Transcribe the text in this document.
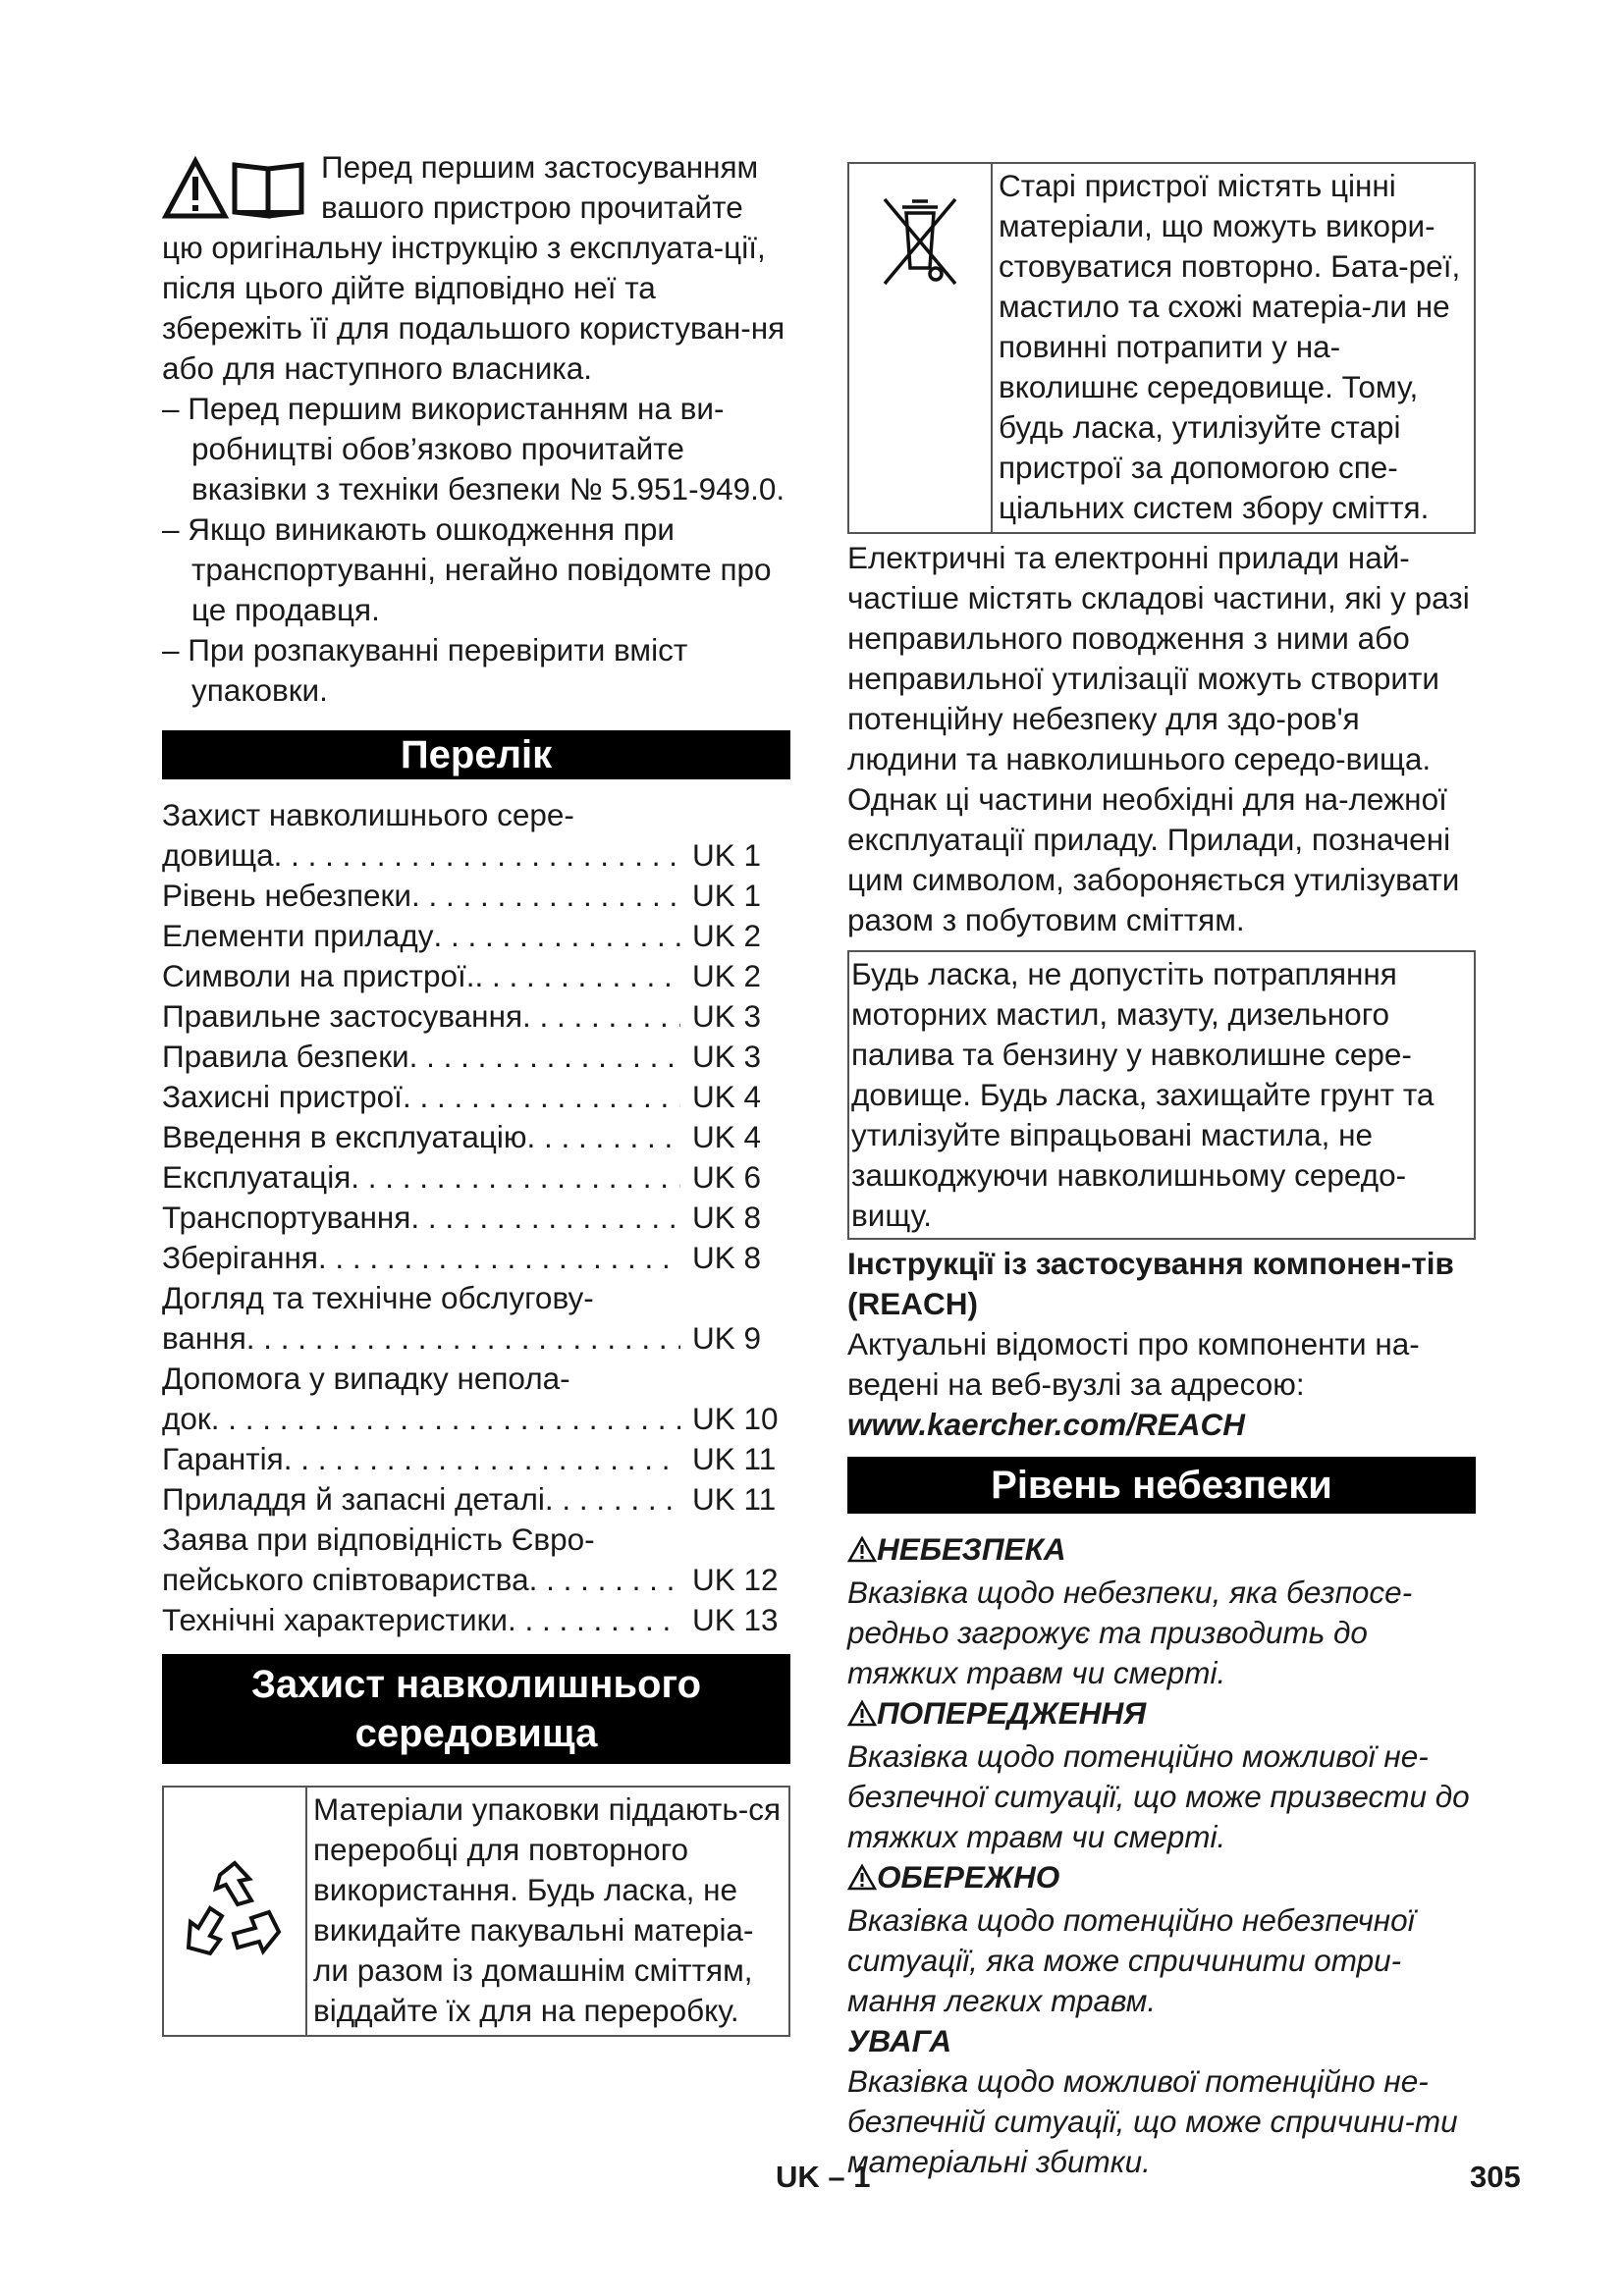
Перед першим застосуванням вашого пристрою прочитайте

цю оригінальну інструкцію з експлуата-ції, після цього дійте відповідно неї та збережіть її для подальшого користуван-ня або для наступного власника.

– Перед першим використанням на ви-робництві обов’язково прочитайте вказівки з техніки безпеки № 5.951-949.0.
– Якщо виникають ошкодження при транспортуванні, негайно повідомте про це продавця.
– При розпакуванні перевірити вміст упаковки.
Перелік
Захист навколишнього сере-
довища . . .	UK 1
Рівень небезпеки . . .	UK 1
Елементи приладу . . .	UK 2
Символи на пристрої. . . .	UK 2
Правильне застосування . . .	UK 3
Правила безпеки . . .	UK 3
Захисні пристрої . . .	UK 4
Введення в експлуатацію . . .	UK 4
Експлуатація . . .	UK 6
Транспортування . . .	UK 8
Зберігання . . .	UK 8
Догляд та технічне обслугову-
вання . . .	UK 9
Допомога у випадку непола-
док . . .	UK 10
Гарантія . . .	UK 11
Приладдя й запасні деталі . . .	UK 11
Заява при відповідність Євро-
пейського співтовариства . . .	UK 12
Технічні характеристики . . .	UK 13
Захист навколишнього
середовища
Матеріали упаковки піддають-ся переробці для повторного використання. Будь ласка, не викидайте пакувальні матеріа-ли разом із домашнім сміттям, віддайте їх для на переробку.
Старі пристрої містять цінні матеріали, що можуть викори-стовуватися повторно. Бата-реї, мастило та схожі матеріа-ли не повинні потрапити у на-вколишнє середовище. Тому, будь ласка, утилізуйте старі пристрої за допомогою спе-ціальних систем збору сміття.

Електричні та електронні прилади най-частіше містять складові частини, які у разі неправильного поводження з ними або неправильної утилізації можуть створити потенційну небезпеку для здо-ров'я людини та навколишнього середо-вища. Однак ці частини необхідні для на-лежної експлуатації приладу. Прилади, позначені цим символом, забороняється утилізувати разом з побутовим сміттям.

Будь ласка, не допустіть потрапляння моторних мастил, мазуту, дизельного палива та бензину у навколишне сере-довище. Будь ласка, захищайте грунт та утилізуйте віпрацьовані мастила, не зашкоджуючи навколишньому середо-вищу.

Інструкції із застосування компонен-тів (REACH)

Актуальні відомості про компоненти на-ведені на веб-вузлі за адресою:

www.kaercher.com/REACH

Рівень небезпеки
НЕБЕЗПЕКА

Вказівка щодо небезпеки, яка безпосе-редньо загрожує та призводить до тяжких травм чи смерті.

ПОПЕРЕДЖЕННЯ

Вказівка щодо потенційно можливої не-безпечної ситуації, що може призвести до тяжких травм чи смерті.

ОБЕРЕЖНО

Вказівка щодо потенційно небезпечної ситуації, яка може спричинити отри-мання легких травм.

УВАГА

Вказівка щодо можливої потенційно не-безпечній ситуації, що може спричини-ти матеріальні збитки.

UK – 1	305
